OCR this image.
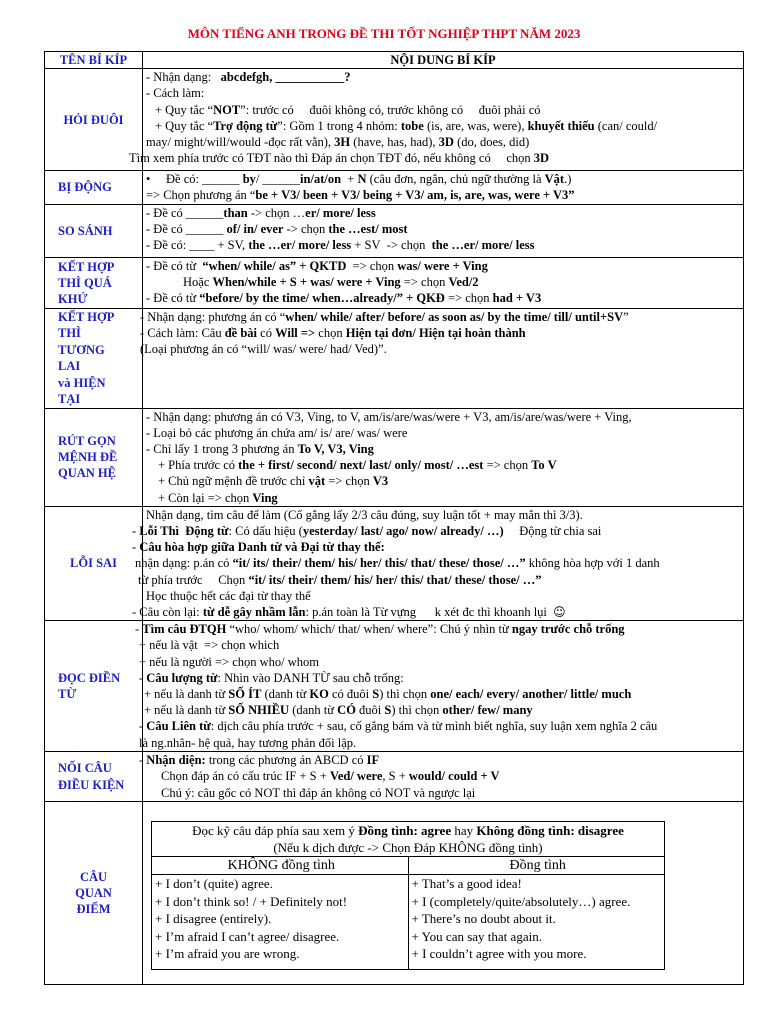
MÔN TIẾNG ANH TRONG ĐỀ THI TỐT NGHIỆP THPT NĂM 2023
TÊN BÍ KÍP	NỘI DUNG BÍ KÍP
HỎI ĐUÔI	
- Nhận dạng:   abcdefgh, ___________?
- Cách làm:
+ Quy tắc “NOT”: trước có     đuôi không có, trước không có     đuôi phải có
+ Quy tắc “Trợ động từ”: Gồm 1 trong 4 nhóm: tobe (is, are, was, were), khuyết thiếu (can/ could/
may/ might/will/would -đọc rất vằn), 3H (have, has, had), 3D (do, does, did)
Tìm xem phía trước có TĐT nào thì Đáp án chọn TĐT đó, nếu không có     chọn 3D

BỊ ĐỘNG	
•     Đề có: ______ by/ ______in/at/on  + N (câu đơn, ngắn, chủ ngữ thường là Vật.)
=> Chọn phương án “be + V3/ been + V3/ being + V3/ am, is, are, was, were + V3”

SO SÁNH	
- Đề có ______than -> chọn …er/ more/ less
- Đề có ______ of/ in/ ever -> chọn the …est/ most
- Đề có: ____ + SV, the …er/ more/ less + SV  -> chọn  the …er/ more/ less

KẾT HỢP
THÌ QUÁ
KHỨ

- Đề có từ  “when/ while/ as” + QKTD  => chọn was/ were + Ving
Hoặc When/while + S + was/ were + Ving => chọn Ved/2
- Đề có từ “before/ by the time/ when…already/” + QKĐ => chọn had + V3

KẾT HỢP
THÌ
TƯƠNG
LAI
và HIỆN
TẠI

- Nhận dạng: phương án có “when/ while/ after/ before/ as soon as/ by the time/ till/ until+SV”
- Cách làm: Câu đề bài có Will => chọn Hiện tại đơn/ Hiện tại hoàn thành
(Loại phương án có “will/ was/ were/ had/ Ved)”.

RÚT GỌN
MỆNH ĐỀ
QUAN HỆ

- Nhận dạng: phương án có V3, Ving, to V, am/is/are/was/were + V3, am/is/are/was/were + Ving,
- Loại bỏ các phương án chứa am/ is/ are/ was/ were
- Chỉ lấy 1 trong 3 phương án To V, V3, Ving
+ Phía trước có the + first/ second/ next/ last/ only/ most/ …est => chọn To V
+ Chủ ngữ mệnh đề trước chỉ vật => chọn V3
+ Còn lại => chọn Ving

LỖI SAI	
Nhận dạng, tìm câu để làm (Cố gắng lấy 2/3 câu đúng, suy luận tốt + may mắn thì 3/3).
- Lỗi Thì  Động từ: Có dấu hiệu (yesterday/ last/ ago/ now/ already/ …)     Động từ chia sai
- Câu hòa hợp giữa Danh từ và Đại từ thay thế:
nhận dạng: p.án có “it/ its/ their/ them/ his/ her/ this/ that/ these/ those/ …” không hòa hợp với 1 danh
từ phía trước     Chọn “it/ its/ their/ them/ his/ her/ this/ that/ these/ those/ …”
Học thuộc hết các đại từ thay thế
- Câu còn lại: từ dễ gây nhầm lẫn: p.án toàn là Từ vựng      k xét đc thì khoanh lụi  ☺

ĐỌC ĐIỀN
TỪ

- Tìm câu ĐTQH “who/ whom/ which/ that/ when/ where”: Chú ý nhìn từ ngay trước chỗ trống
+ nếu là vật  => chọn which
+ nếu là người => chọn who/ whom
- Câu lượng từ: Nhìn vào DANH TỪ sau chỗ trống:
+ nếu là danh từ SỐ ÍT (danh từ KO có đuôi S) thì chọn one/ each/ every/ another/ little/ much
+ nếu là danh từ SỐ NHIỀU (danh từ CÓ đuôi S) thì chọn other/ few/ many
- Câu Liên từ: dịch câu phía trước + sau, cố gắng bám và từ mình biết nghĩa, suy luận xem nghĩa 2 câu
là ng.nhân- hệ quả, hay tương phản đối lập.

NỐI CÂU
ĐIỀU KIỆN

- Nhận diện: trong các phương án ABCD có IF
Chọn đáp án có cấu trúc IF + S + Ved/ were, S + would/ could + V
Chú ý: câu gốc có NOT thì đáp án không có NOT và ngược lại

CÂU
QUAN
ĐIỂM

Đọc kỹ câu đáp phía sau xem ý Đồng tình: agree hay Không đồng tình: disagree
(Nếu k dịch được -> Chọn Đáp KHÔNG đồng tình)

KHÔNG đồng tình	Đồng tình

+ I don’t (quite) agree.
+ I don’t think so! / + Definitely not!
+ I disagree (entirely).
+ I’m afraid I can’t agree/ disagree.
+ I’m afraid you are wrong.

+ That’s a good idea!
+ I (completely/quite/absolutely…) agree.
+ There’s no doubt about it.
+ You can say that again.
+ I couldn’t agree with you more.
